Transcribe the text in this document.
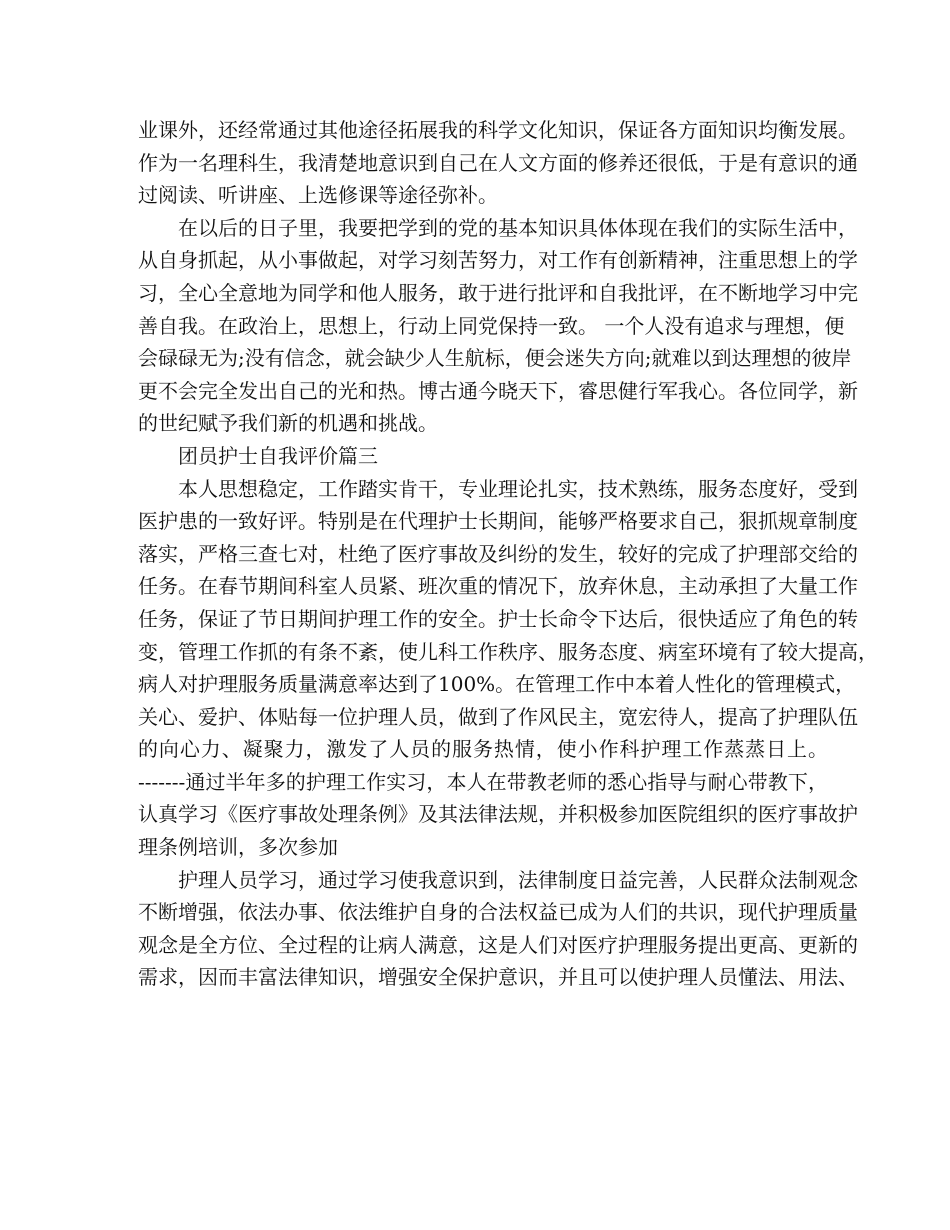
业课外，还经常通过其他途径拓展我的科学文化知识，保证各方面知识均衡发展。
作为一名理科生，我清楚地意识到自己在人文方面的修养还很低，于是有意识的通
过阅读、听讲座、上选修课等途径弥补。
在以后的日子里，我要把学到的党的基本知识具体体现在我们的实际生活中，
从自身抓起，从小事做起，对学习刻苦努力，对工作有创新精神，注重思想上的学
习，全心全意地为同学和他人服务，敢于进行批评和自我批评，在不断地学习中完
善自我。在政治上，思想上，行动上同党保持一致。 一个人没有追求与理想，便
会碌碌无为;没有信念，就会缺少人生航标，便会迷失方向;就难以到达理想的彼岸
更不会完全发出自己的光和热。博古通今晓天下，睿思健行军我心。各位同学，新
的世纪赋予我们新的机遇和挑战。
团员护士自我评价篇三
本人思想稳定，工作踏实肯干，专业理论扎实，技术熟练，服务态度好，受到
医护患的一致好评。特别是在代理护士长期间，能够严格要求自己，狠抓规章制度
落实，严格三查七对，杜绝了医疗事故及纠纷的发生，较好的完成了护理部交给的
任务。在春节期间科室人员紧、班次重的情况下，放弃休息，主动承担了大量工作
任务，保证了节日期间护理工作的安全。护士长命令下达后，很快适应了角色的转
变，管理工作抓的有条不紊，使儿科工作秩序、服务态度、病室环境有了较大提高，
病人对护理服务质量满意率达到了100%。在管理工作中本着人性化的管理模式，
关心、爱护、体贴每一位护理人员，做到了作风民主，宽宏待人，提高了护理队伍
的向心力、凝聚力，激发了人员的服务热情，使小作科护理工作蒸蒸日上。
-------通过半年多的护理工作实习，本人在带教老师的悉心指导与耐心带教下，
认真学习《医疗事故处理条例》及其法律法规，并积极参加医院组织的医疗事故护
理条例培训，多次参加
护理人员学习，通过学习使我意识到，法律制度日益完善，人民群众法制观念
不断增强，依法办事、依法维护自身的合法权益已成为人们的共识，现代护理质量
观念是全方位、全过程的让病人满意，这是人们对医疗护理服务提出更高、更新的
需求，因而丰富法律知识，增强安全保护意识，并且可以使护理人员懂法、用法、
